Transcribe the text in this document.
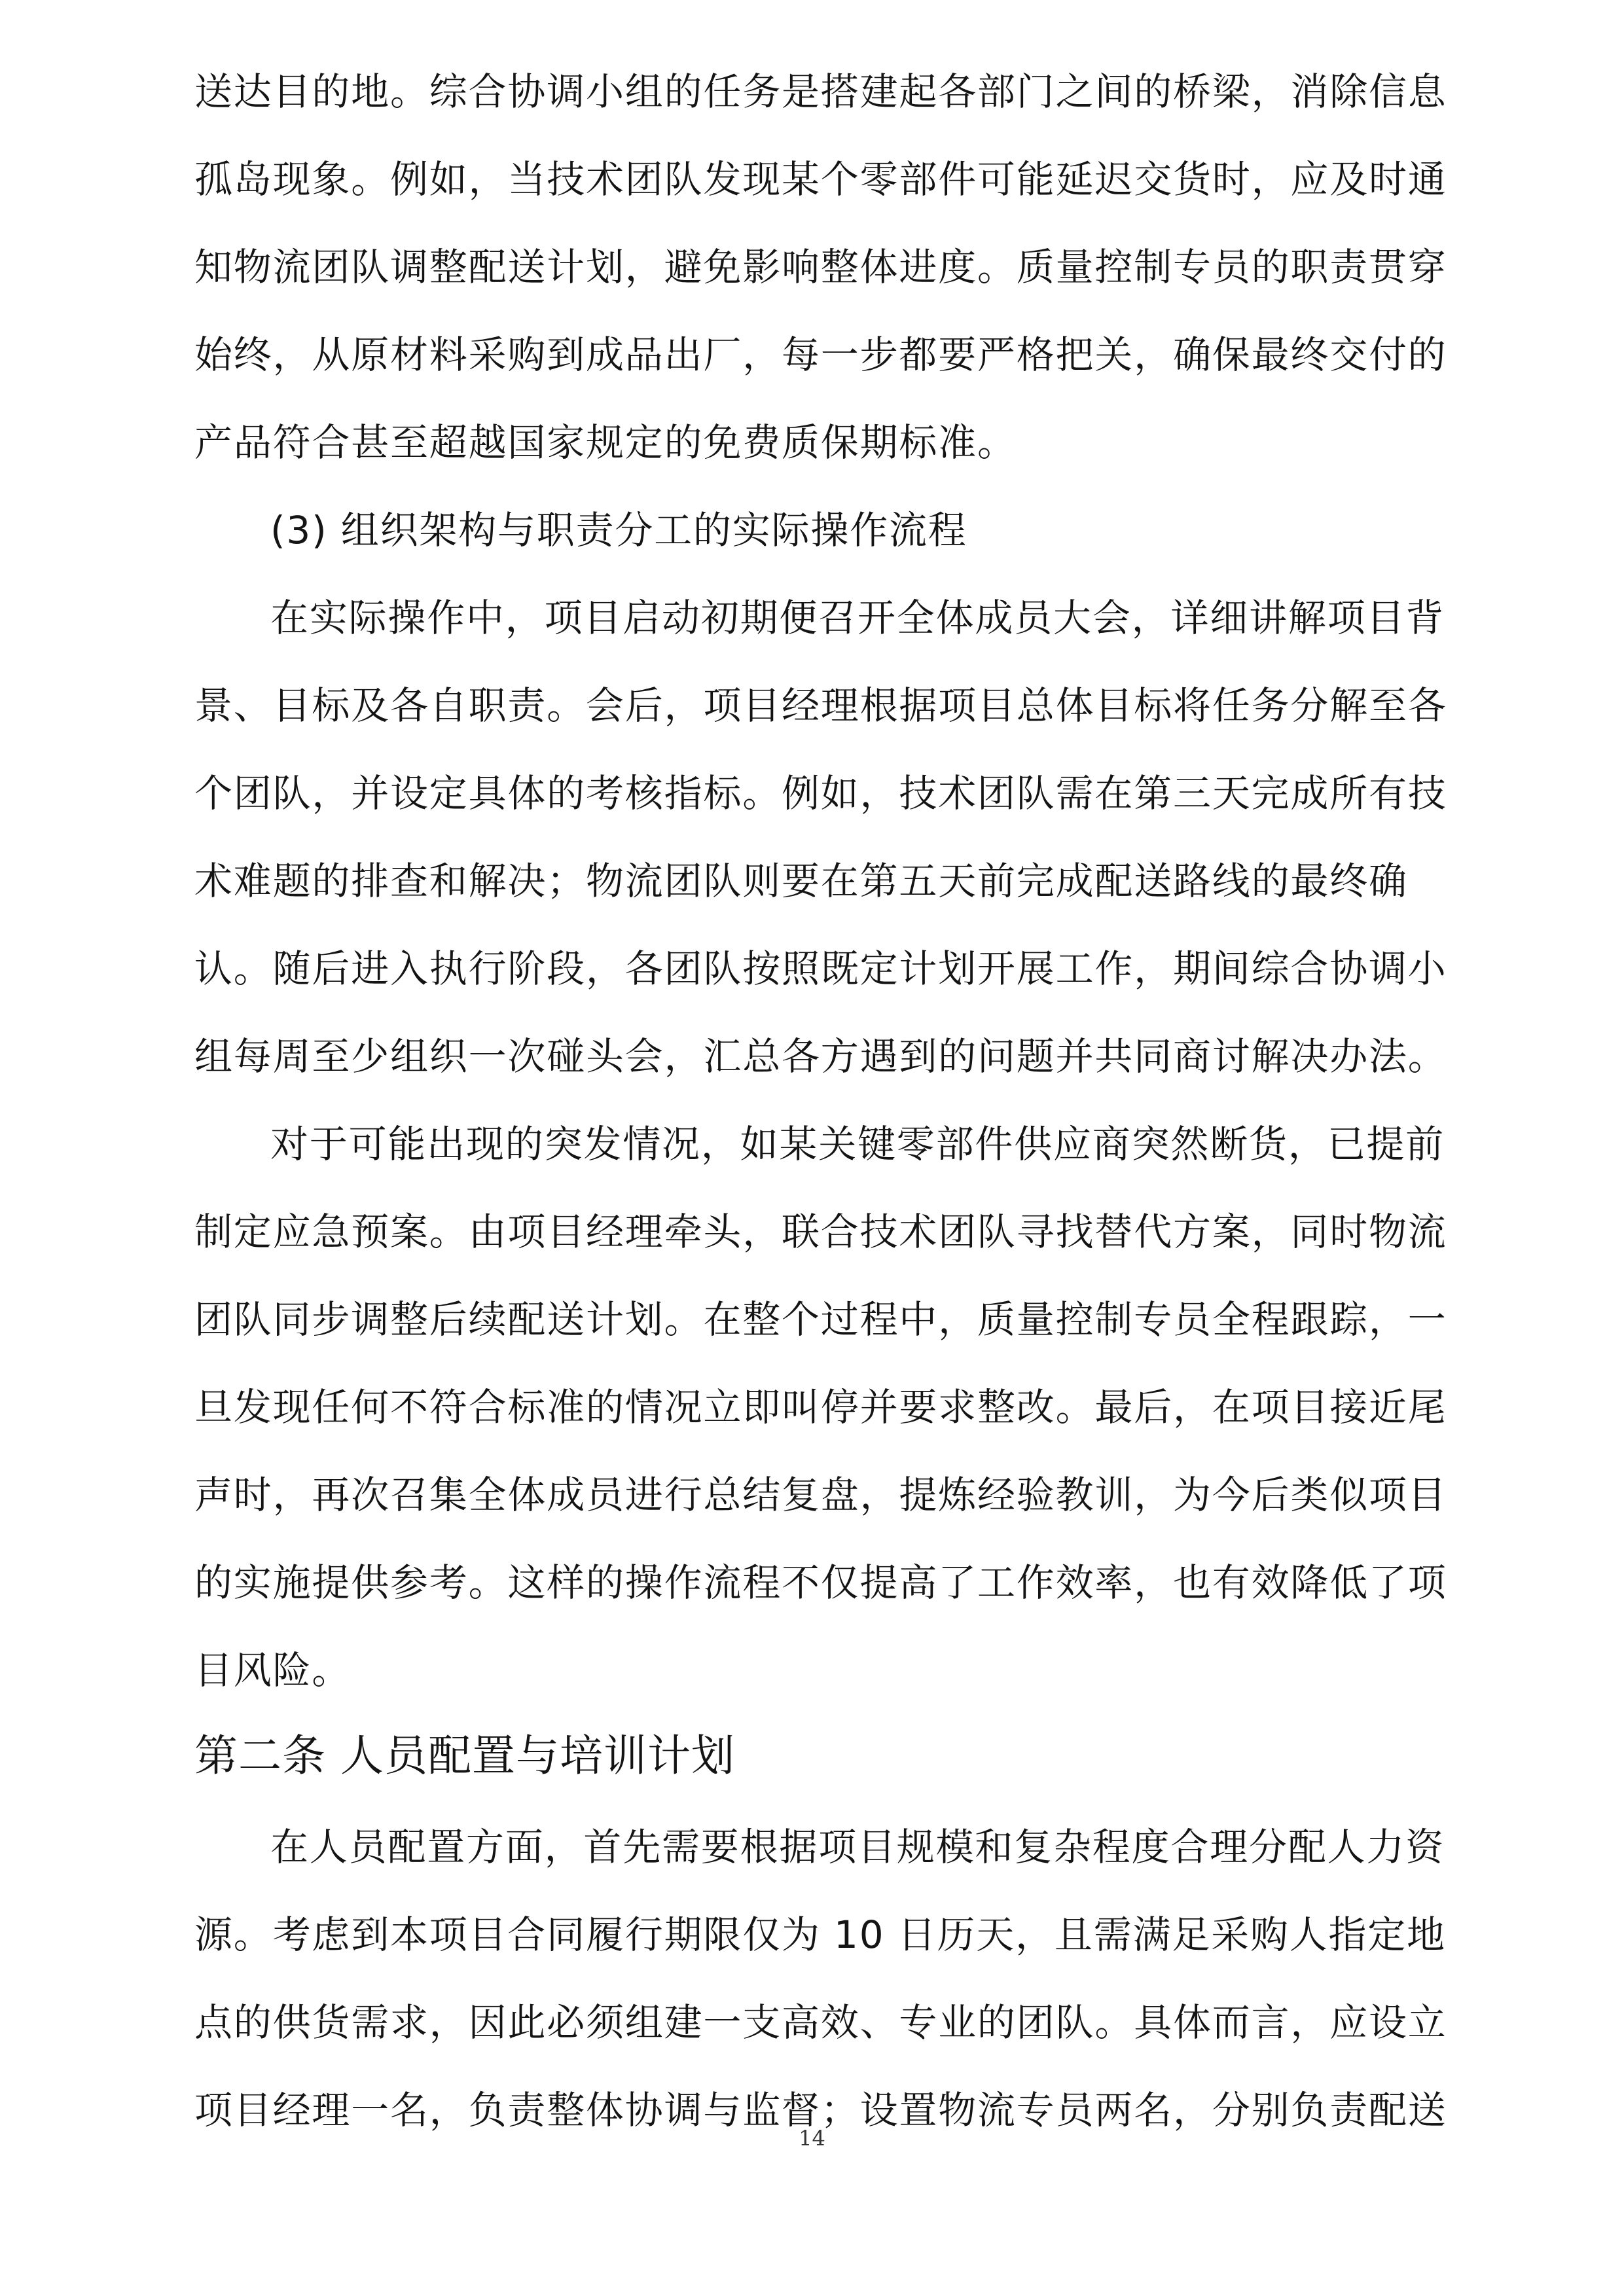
送达目的地。综合协调小组的任务是搭建起各部门之间的桥梁，消除信息
孤岛现象。例如，当技术团队发现某个零部件可能延迟交货时，应及时通
知物流团队调整配送计划，避免影响整体进度。质量控制专员的职责贯穿
始终，从原材料采购到成品出厂，每一步都要严格把关，确保最终交付的
产品符合甚至超越国家规定的免费质保期标准。
(3) 组织架构与职责分工的实际操作流程
在实际操作中，项目启动初期便召开全体成员大会，详细讲解项目背
景、目标及各自职责。会后，项目经理根据项目总体目标将任务分解至各
个团队，并设定具体的考核指标。例如，技术团队需在第三天完成所有技
术难题的排查和解决；物流团队则要在第五天前完成配送路线的最终确
认。随后进入执行阶段，各团队按照既定计划开展工作，期间综合协调小
组每周至少组织一次碰头会，汇总各方遇到的问题并共同商讨解决办法。
对于可能出现的突发情况，如某关键零部件供应商突然断货，已提前
制定应急预案。由项目经理牵头，联合技术团队寻找替代方案，同时物流
团队同步调整后续配送计划。在整个过程中，质量控制专员全程跟踪，一
旦发现任何不符合标准的情况立即叫停并要求整改。最后，在项目接近尾
声时，再次召集全体成员进行总结复盘，提炼经验教训，为今后类似项目
的实施提供参考。这样的操作流程不仅提高了工作效率，也有效降低了项
目风险。
第二条 人员配置与培训计划
在人员配置方面，首先需要根据项目规模和复杂程度合理分配人力资
源。考虑到本项目合同履行期限仅为 10 日历天，且需满足采购人指定地
点的供货需求，因此必须组建一支高效、专业的团队。具体而言，应设立
项目经理一名，负责整体协调与监督；设置物流专员两名，分别负责配送
14
